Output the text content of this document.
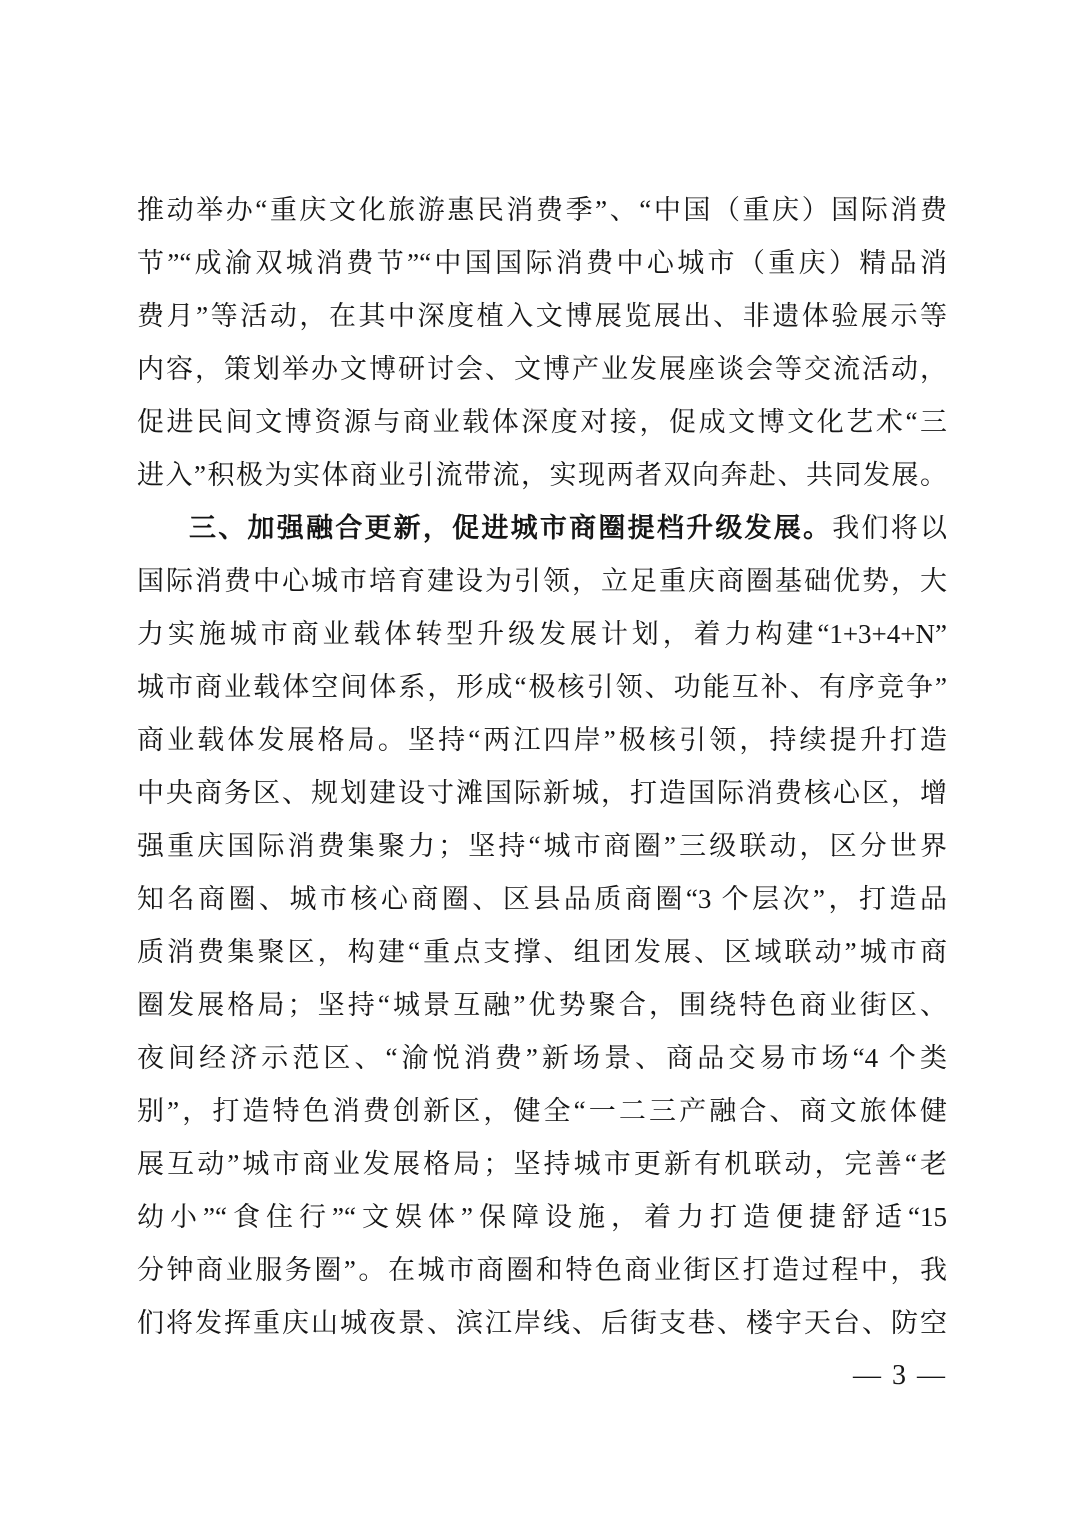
推动举办“重庆文化旅游惠民消费季”、“中国（重庆）国际消费
节”“成渝双城消费节”“中国国际消费中心城市（重庆）精品消
费月”等活动，在其中深度植入文博展览展出、非遗体验展示等
内容，策划举办文博研讨会、文博产业发展座谈会等交流活动，
促进民间文博资源与商业载体深度对接，促成文博文化艺术“三
进入”积极为实体商业引流带流，实现两者双向奔赴、共同发展。
三、加强融合更新，促进城市商圈提档升级发展。我们将以
国际消费中心城市培育建设为引领，立足重庆商圈基础优势，大
力实施城市商业载体转型升级发展计划，着力构建“1+3+4+N”
城市商业载体空间体系，形成“极核引领、功能互补、有序竞争”
商业载体发展格局。坚持“两江四岸”极核引领，持续提升打造
中央商务区、规划建设寸滩国际新城，打造国际消费核心区，增
强重庆国际消费集聚力；坚持“城市商圈”三级联动，区分世界
知名商圈、城市核心商圈、区县品质商圈“3 个层次”，打造品
质消费集聚区，构建“重点支撑、组团发展、区域联动”城市商
圈发展格局；坚持“城景互融”优势聚合，围绕特色商业街区、
夜间经济示范区、“渝悦消费”新场景、商品交易市场“4 个类
别”，打造特色消费创新区，健全“一二三产融合、商文旅体健
展互动”城市商业发展格局；坚持城市更新有机联动，完善“老
幼小”“食住行”“文娱体”保障设施，着力打造便捷舒适“15
分钟商业服务圈”。在城市商圈和特色商业街区打造过程中，我
们将发挥重庆山城夜景、滨江岸线、后街支巷、楼宇天台、防空
— 3 —
